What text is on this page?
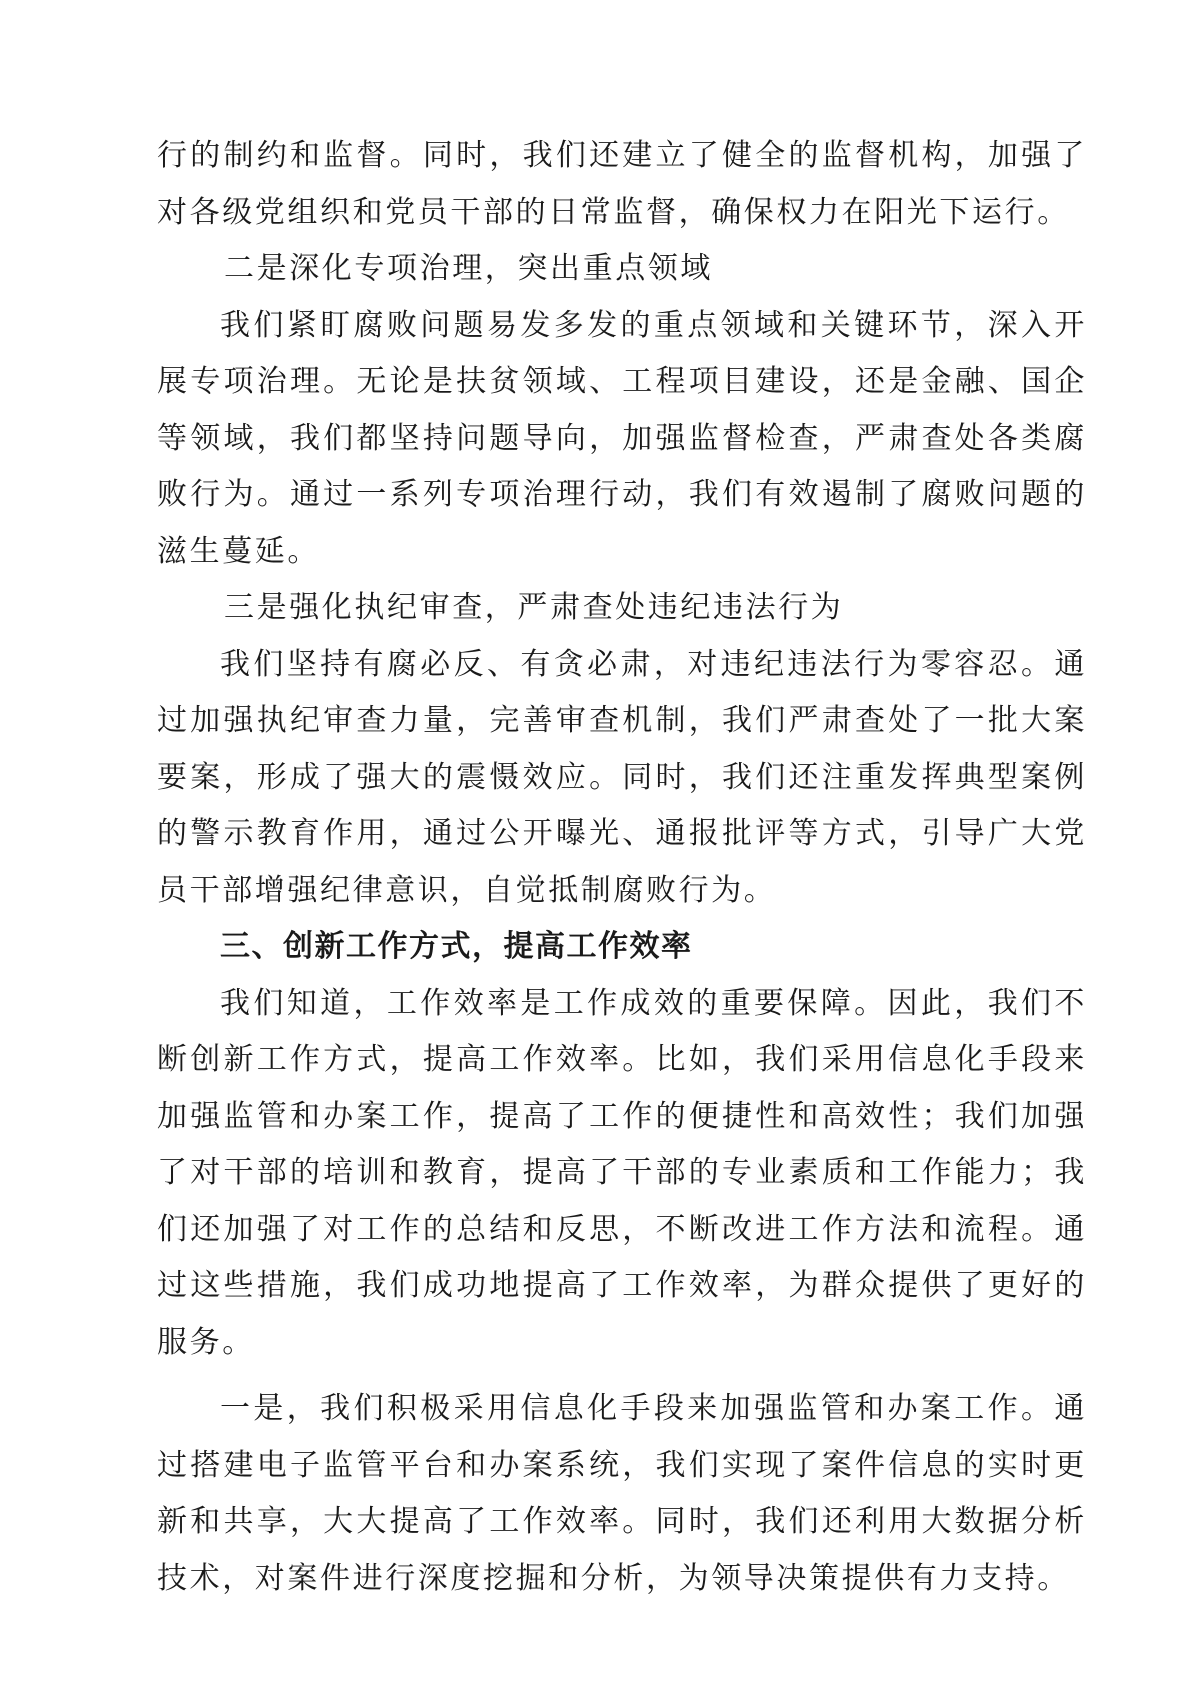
行的制约和监督。同时，我们还建立了健全的监督机构，加强了对各级党组织和党员干部的日常监督，确保权力在阳光下运行。

二是深化专项治理，突出重点领域

我们紧盯腐败问题易发多发的重点领域和关键环节，深入开展专项治理。无论是扶贫领域、工程项目建设，还是金融、国企等领域，我们都坚持问题导向，加强监督检查，严肃查处各类腐败行为。通过一系列专项治理行动，我们有效遏制了腐败问题的滋生蔓延。

三是强化执纪审查，严肃查处违纪违法行为

我们坚持有腐必反、有贪必肃，对违纪违法行为零容忍。通过加强执纪审查力量，完善审查机制，我们严肃查处了一批大案要案，形成了强大的震慑效应。同时，我们还注重发挥典型案例的警示教育作用，通过公开曝光、通报批评等方式，引导广大党员干部增强纪律意识，自觉抵制腐败行为。

三、创新工作方式，提高工作效率

我们知道，工作效率是工作成效的重要保障。因此，我们不断创新工作方式，提高工作效率。比如，我们采用信息化手段来加强监管和办案工作，提高了工作的便捷性和高效性；我们加强了对干部的培训和教育，提高了干部的专业素质和工作能力；我们还加强了对工作的总结和反思，不断改进工作方法和流程。通过这些措施，我们成功地提高了工作效率，为群众提供了更好的服务。

一是，我们积极采用信息化手段来加强监管和办案工作。通过搭建电子监管平台和办案系统，我们实现了案件信息的实时更新和共享，大大提高了工作效率。同时，我们还利用大数据分析技术，对案件进行深度挖掘和分析，为领导决策提供有力支持。
